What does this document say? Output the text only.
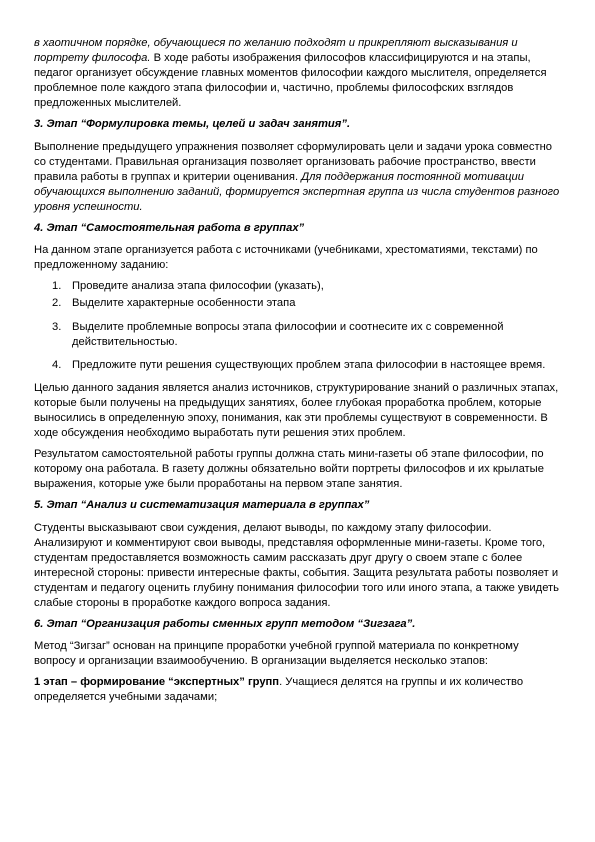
в хаотичном порядке, обучающиеся по желанию подходят и прикрепляют высказывания и портрету философа. В ходе работы изображения философов классифицируются и на этапы, педагог организует обсуждение главных моментов философии каждого мыслителя, определяется проблемное поле каждого этапа философии и, частично, проблемы философских взглядов предложенных мыслителей.

3. Этап “Формулировка темы, целей и задач занятия”.

Выполнение предыдущего упражнения позволяет сформулировать цели и задачи урока совместно со студентами. Правильная организация позволяет организовать рабочие пространство, ввести правила работы в группах и критерии оценивания. Для поддержания постоянной мотивации обучающихся выполнению заданий, формируется экспертная группа из числа студентов разного уровня успешности.

4. Этап “Самостоятельная работа в группах”

На данном этапе организуется работа с источниками (учебниками, хрестоматиями, текстами) по предложенному заданию:

1. Проведите анализа этапа философии (указать),
2. Выделите характерные особенности этапа
3. Выделите проблемные вопросы этапа философии и соотнесите их с современной действительностью.
4. Предложите пути решения существующих проблем этапа философии в настоящее время.

Целью данного задания является анализ источников, структурирование знаний о различных этапах, которые были получены на предыдущих занятиях, более глубокая проработка проблем, которые выносились в определенную эпоху, понимания, как эти проблемы существуют в современности. В ходе обсуждения необходимо выработать пути решения этих проблем.

Результатом самостоятельной работы группы должна стать мини-газеты об этапе философии, по которому она работала. В газету должны обязательно войти портреты философов и их крылатые выражения, которые уже были проработаны на первом этапе занятия.

5. Этап “Анализ и систематизация материала в группах”

Студенты высказывают свои суждения, делают выводы, по каждому этапу философии. Анализируют и комментируют свои выводы, представляя оформленные мини-газеты. Кроме того, студентам предоставляется возможность самим рассказать друг другу о своем этапе с более интересной стороны: привести интересные факты, события. Защита результата работы позволяет и студентам и педагогу оценить глубину понимания философии того или иного этапа, а также увидеть слабые стороны в проработке каждого вопроса задания.

6. Этап “Организация работы сменных групп методом “Зигзага”.

Метод “Зигзаг” основан на принципе проработки учебной группой материала по конкретному вопросу и организации взаимообучению. В организации выделяется несколько этапов:

1 этап – формирование “экспертных” групп. Учащиеся делятся на группы и их количество определяется учебными задачами;
